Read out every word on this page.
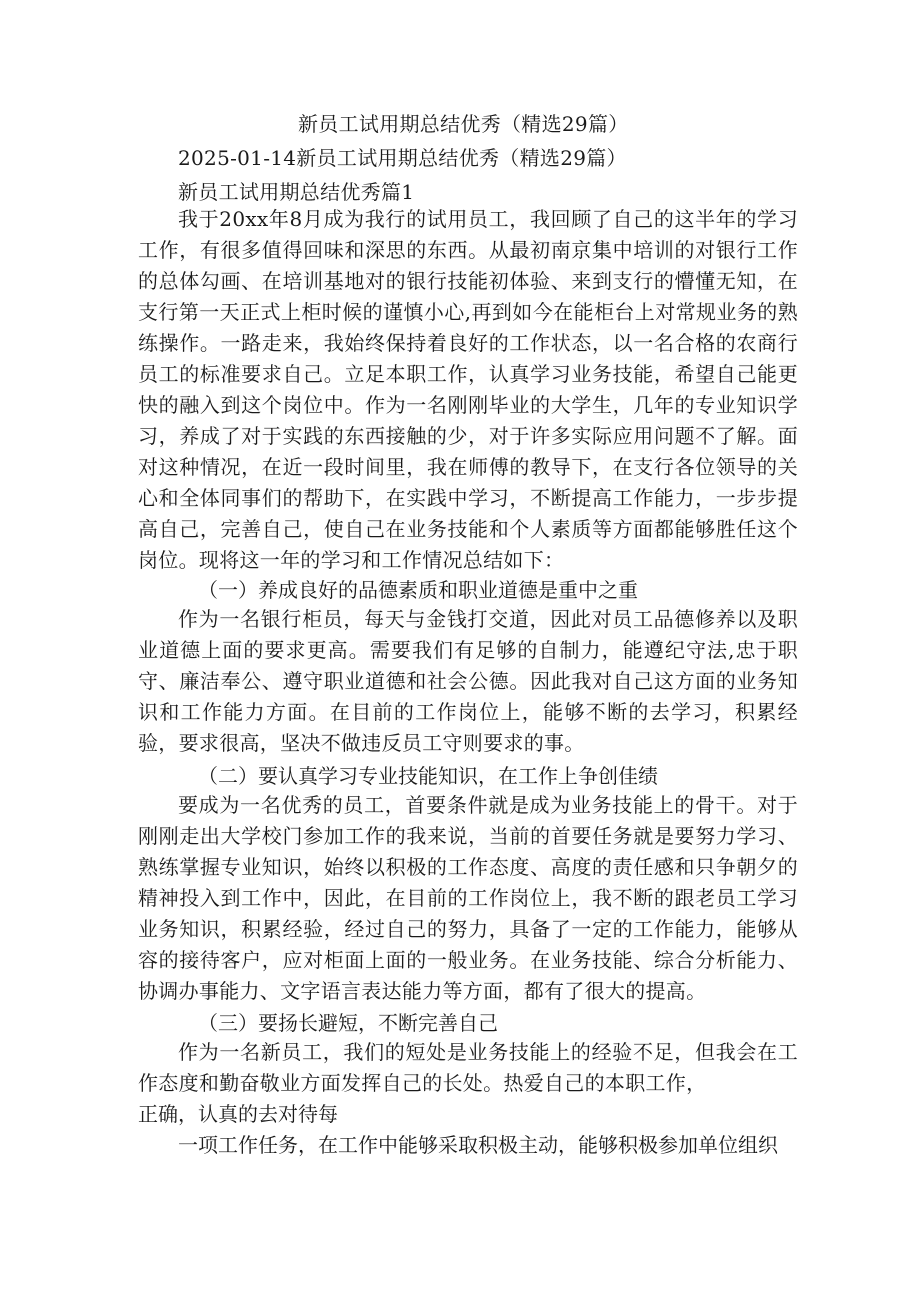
新员工试用期总结优秀（精选29篇）
2025-01-14新员工试用期总结优秀（精选29篇）
新员工试用期总结优秀篇1
我于20xx年8月成为我行的试用员工，我回顾了自己的这半年的学习工作，有很多值得回味和深思的东西。从最初南京集中培训的对银行工作的总体勾画、在培训基地对的银行技能初体验、来到支行的懵懂无知，在支行第一天正式上柜时候的谨慎小心,再到如今在能柜台上对常规业务的熟练操作。一路走来，我始终保持着良好的工作状态，以一名合格的农商行员工的标准要求自己。立足本职工作，认真学习业务技能，希望自己能更快的融入到这个岗位中。作为一名刚刚毕业的大学生，几年的专业知识学习，养成了对于实践的东西接触的少，对于许多实际应用问题不了解。面对这种情况，在近一段时间里，我在师傅的教导下，在支行各位领导的关心和全体同事们的帮助下，在实践中学习，不断提高工作能力，一步步提高自己，完善自己，使自己在业务技能和个人素质等方面都能够胜任这个岗位。现将这一年的学习和工作情况总结如下：
（一）养成良好的品德素质和职业道德是重中之重
作为一名银行柜员，每天与金钱打交道，因此对员工品德修养以及职业道德上面的要求更高。需要我们有足够的自制力，能遵纪守法,忠于职守、廉洁奉公、遵守职业道德和社会公德。因此我对自己这方面的业务知识和工作能力方面。在目前的工作岗位上，能够不断的去学习，积累经验，要求很高，坚决不做违反员工守则要求的事。
（二）要认真学习专业技能知识，在工作上争创佳绩
要成为一名优秀的员工，首要条件就是成为业务技能上的骨干。对于刚刚走出大学校门参加工作的我来说，当前的首要任务就是要努力学习、熟练掌握专业知识，始终以积极的工作态度、高度的责任感和只争朝夕的精神投入到工作中，因此，在目前的工作岗位上，我不断的跟老员工学习业务知识，积累经验，经过自己的努力，具备了一定的工作能力，能够从容的接待客户，应对柜面上面的一般业务。在业务技能、综合分析能力、协调办事能力、文字语言表达能力等方面，都有了很大的提高。
（三）要扬长避短，不断完善自己
作为一名新员工，我们的短处是业务技能上的经验不足，但我会在工作态度和勤奋敬业方面发挥自己的长处。热爱自己的本职工作，
正确，认真的去对待每
一项工作任务，在工作中能够采取积极主动，能够积极参加单位组织
